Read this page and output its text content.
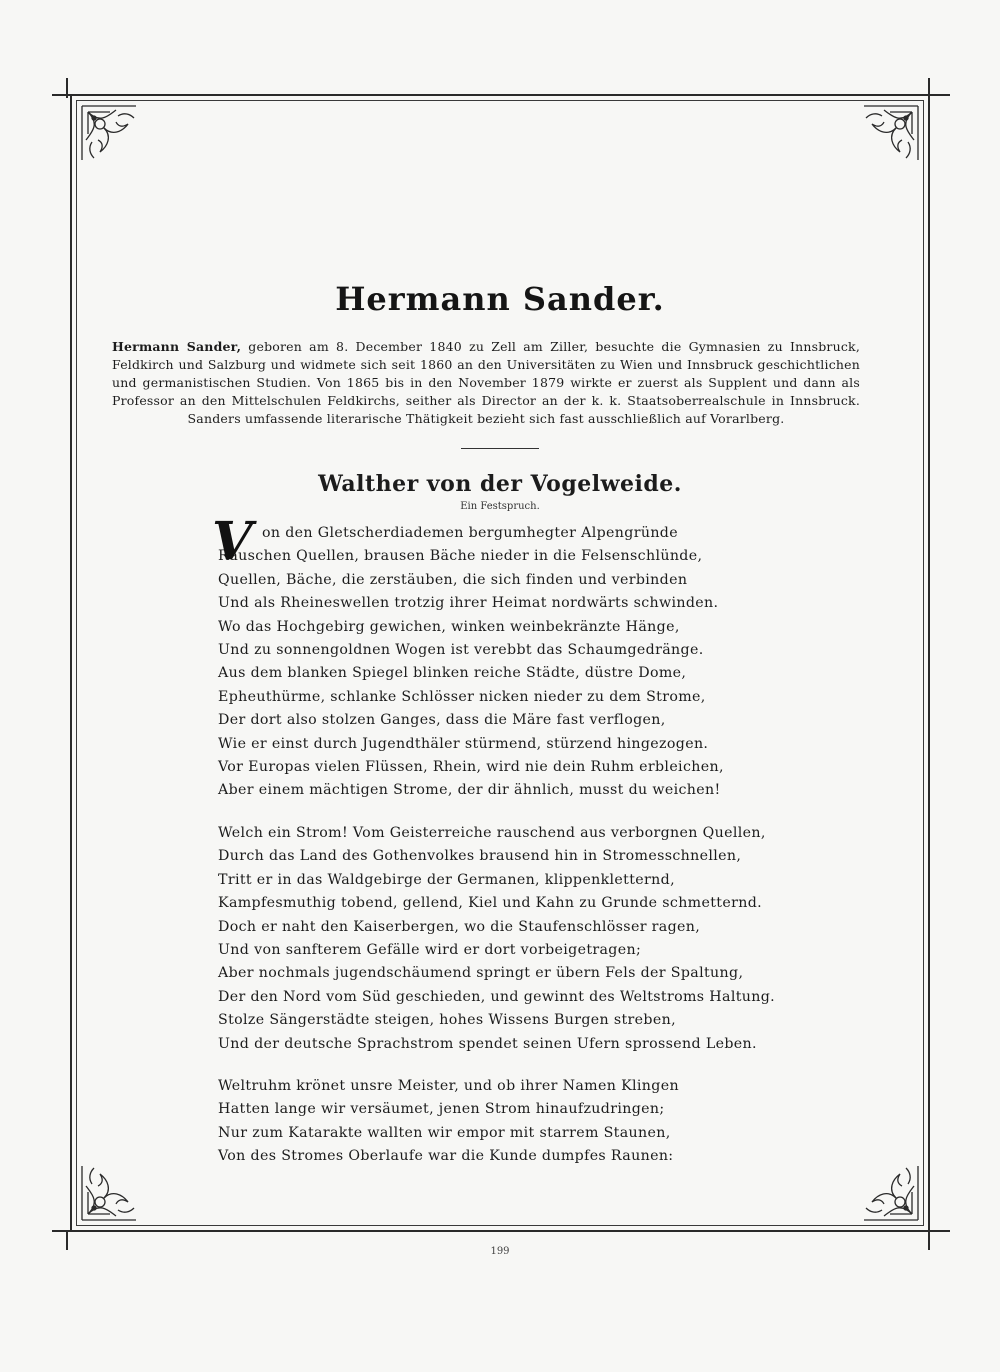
Hermann Sander.

Hermann Sander, geboren am 8. December 1840 zu Zell am Ziller, besuchte die Gymnasien zu Innsbruck, Feldkirch und Salzburg und widmete sich seit 1860 an den Universitäten zu Wien und Innsbruck geschichtlichen und germanistischen Studien. Von 1865 bis in den November 1879 wirkte er zuerst als Supplent und dann als Professor an den Mittelschulen Feldkirchs, seither als Director an der k. k. Staatsoberrealschule in Innsbruck. Sanders umfassende literarische Thätigkeit bezieht sich fast ausschließlich auf Vorarlberg.

Walther von der Vogelweide.
Ein Festspruch.
V on den Gletscherdiademen bergumhegter Alpengründe
Rauschen Quellen, brausen Bäche nieder in die Felsenschlünde,
Quellen, Bäche, die zerstäuben, die sich finden und verbinden
Und als Rheineswellen trotzig ihrer Heimat nordwärts schwinden.
Wo das Hochgebirg gewichen, winken weinbekränzte Hänge,
Und zu sonnengoldnen Wogen ist verebbt das Schaumgedränge.
Aus dem blanken Spiegel blinken reiche Städte, düstre Dome,
Epheuthürme, schlanke Schlösser nicken nieder zu dem Strome,
Der dort also stolzen Ganges, dass die Märe fast verflogen,
Wie er einst durch Jugendthäler stürmend, stürzend hingezogen.
Vor Europas vielen Flüssen, Rhein, wird nie dein Ruhm erbleichen,
Aber einem mächtigen Strome, der dir ähnlich, musst du weichen!
Welch ein Strom! Vom Geisterreiche rauschend aus verborgnen Quellen,
Durch das Land des Gothenvolkes brausend hin in Stromesschnellen,
Tritt er in das Waldgebirge der Germanen, klippenkletternd,
Kampfesmuthig tobend, gellend, Kiel und Kahn zu Grunde schmetternd.
Doch er naht den Kaiserbergen, wo die Staufenschlösser ragen,
Und von sanfterem Gefälle wird er dort vorbeigetragen;
Aber nochmals jugendschäumend springt er übern Fels der Spaltung,
Der den Nord vom Süd geschieden, und gewinnt des Weltstroms Haltung.
Stolze Sängerstädte steigen, hohes Wissens Burgen streben,
Und der deutsche Sprachstrom spendet seinen Ufern sprossend Leben.
Weltruhm krönet unsre Meister, und ob ihrer Namen Klingen
Hatten lange wir versäumet, jenen Strom hinaufzudringen;
Nur zum Katarakte wallten wir empor mit starrem Staunen,
Von des Stromes Oberlaufe war die Kunde dumpfes Raunen:
199
